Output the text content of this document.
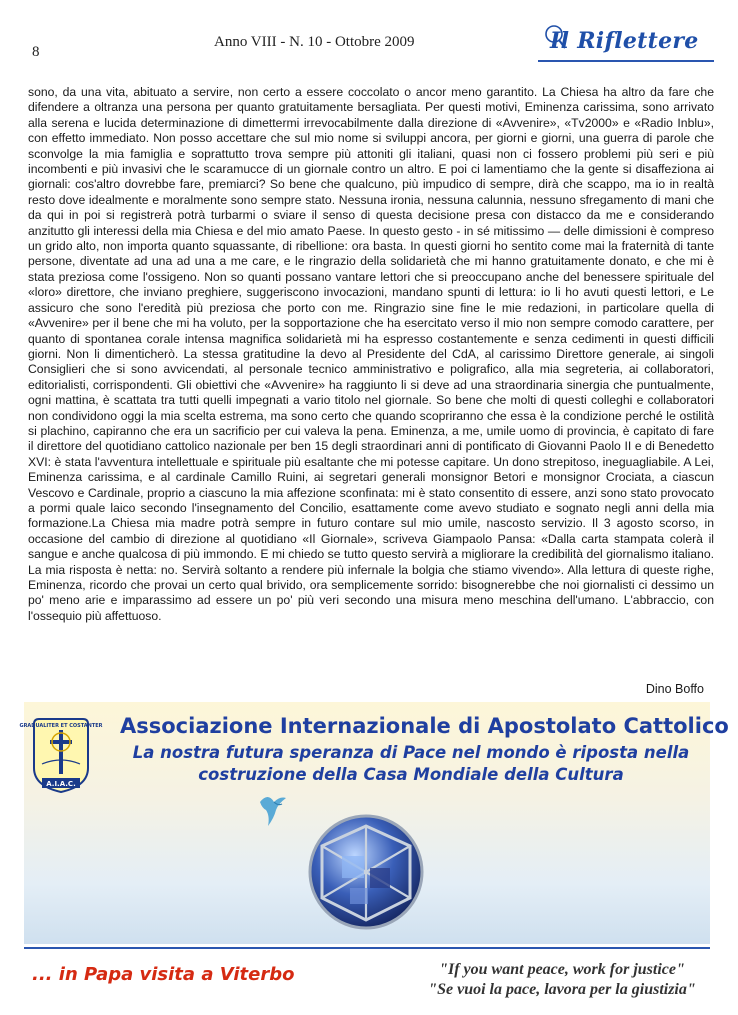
8
Anno VIII - N. 10 - Ottobre 2009	Il Riflettere

sono, da una vita, abituato a servire, non certo a essere coccolato o ancor meno garantito. La Chiesa ha altro da fare che difendere a oltranza una persona per quanto gratuitamente bersagliata. Per questi motivi, Eminenza carissima, sono arrivato alla serena e lucida determinazione di dimettermi irrevocabilmente dalla direzione di «Avvenire», «Tv2000» e «Radio Inblu», con effetto immediato. Non posso accettare che sul mio nome si sviluppi ancora, per giorni e giorni, una guerra di parole che sconvolge la mia famiglia e soprattutto trova sempre più attoniti gli italiani, quasi non ci fossero problemi più seri e più incombenti e più invasivi che le scaramucce di un giornale contro un altro. E poi ci lamentiamo che la gente si disaffeziona ai giornali: cos'altro dovrebbe fare, premiarci? So bene che qualcuno, più impudico di sempre, dirà che scappo, ma io in realtà resto dove idealmente e moralmente sono sempre stato. Nessuna ironia, nessuna calunnia, nessuno sfregamento di mani che da qui in poi si registrerà potrà turbarmi o sviare il senso di questa decisione presa con distacco da me e considerando anzitutto gli interessi della mia Chiesa e del mio amato Paese. In questo gesto - in sé mitissimo — delle dimissioni è compreso un grido alto, non importa quanto squassante, di ribellione: ora basta. In questi giorni ho sentito come mai la fraternità di tante persone, diventate ad una ad una a me care, e le ringrazio della solidarietà che mi hanno gratuitamente donato, e che mi è stata preziosa come l'ossigeno. Non so quanti possano vantare lettori che si preoccupano anche del benessere spirituale del «loro» direttore, che inviano preghiere, suggeriscono invocazioni, mandano spunti di lettura: io li ho avuti questi lettori, e Le assicuro che sono l'eredità più preziosa che porto con me. Ringrazio sine fine le mie redazioni, in particolare quella di «Avvenire» per il bene che mi ha voluto, per la sopportazione che ha esercitato verso il mio non sempre comodo carattere, per quanto di spontanea corale intensa magnifica solidarietà mi ha espresso costantemente e senza cedimenti in questi difficili giorni. Non li dimenticherò. La stessa gratitudine la devo al Presidente del CdA, al carissimo Direttore generale, ai singoli Consiglieri che si sono avvicendati, al personale tecnico amministrativo e poligrafico, alla mia segreteria, ai collaboratori, editorialisti, corrispondenti. Gli obiettivi che «Avvenire» ha raggiunto li si deve ad una straordinaria sinergia che puntualmente, ogni mattina, è scattata tra tutti quelli impegnati a vario titolo nel giornale. So bene che molti di questi colleghi e collaboratori non condividono oggi la mia scelta estrema, ma sono certo che quando scopriranno che essa è la condizione perché le ostilità si plachino, capiranno che era un sacrificio per cui valeva la pena. Eminenza, a me, umile uomo di provincia, è capitato di fare il direttore del quotidiano cattolico nazionale per ben 15 degli straordinari anni di pontificato di Giovanni Paolo II e di Benedetto XVI: è stata l'avventura intellettuale e spirituale più esaltante che mi potesse capitare. Un dono strepitoso, ineguagliabile. A Lei, Eminenza carissima, e al cardinale Camillo Ruini, ai segretari generali monsignor Betori e monsignor Crociata, a ciascun Vescovo e Cardinale, proprio a ciascuno la mia affezione sconfinata: mi è stato consentito di essere, anzi sono stato provocato a pormi quale laico secondo l'insegnamento del Concilio, esattamente come avevo studiato e sognato negli anni della mia formazione.La Chiesa mia madre potrà sempre in futuro contare sul mio umile, nascosto servizio. Il 3 agosto scorso, in occasione del cambio di direzione al quotidiano «Il Giornale», scriveva Giampaolo Pansa: «Dalla carta stampata colerà il sangue e anche qualcosa di più immondo. E mi chiedo se tutto questo servirà a migliorare la credibilità del giornalismo italiano. La mia risposta è netta: no. Servirà soltanto a rendere più infernale la bolgia che stiamo vivendo». Alla lettura di queste righe, Eminenza, ricordo che provai un certo qual brivido, ora semplicemente sorrido: bisognerebbe che noi giornalisti ci dessimo un po' meno arie e imparassimo ad essere un po' più veri secondo una misura meno meschina dell'umano. L'abbraccio, con l'ossequio più affettuoso.

Dino Boffo
GRADUALITER ET COSTANTER
A.I.A.C.
Associazione Internazionale di Apostolato Cattolico
La nostra futura speranza di Pace nel mondo è riposta nella
costruzione della Casa Mondiale della Cultura
... in Papa visita a Viterbo	"If you want peace, work for justice"
"Se vuoi la pace, lavora per la giustizia"
